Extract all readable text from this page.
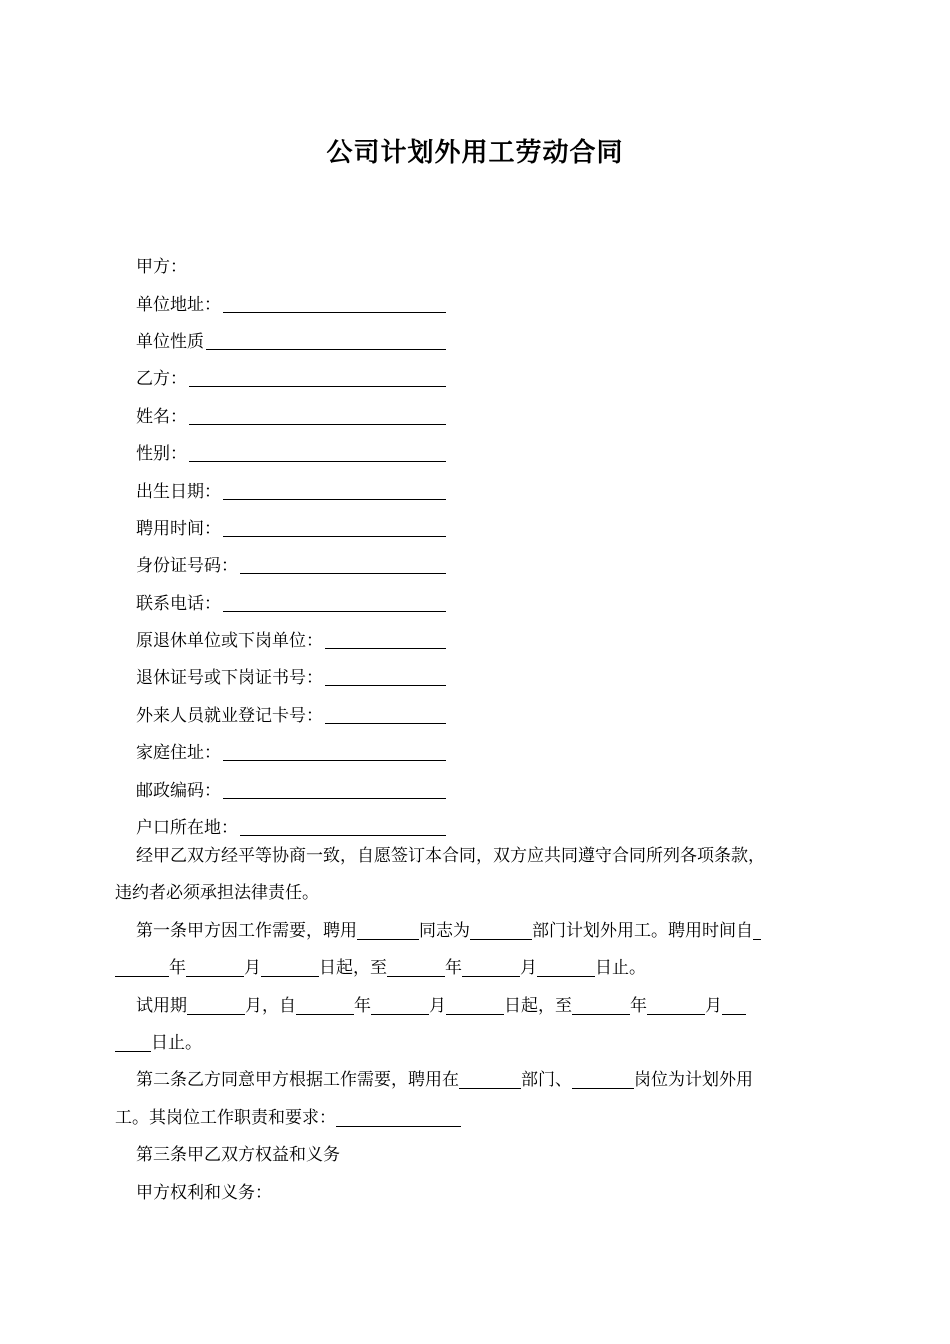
公司计划外用工劳动合同
甲方：
单位地址：
单位性质
乙方：
姓名：
性别：
出生日期：
聘用时间：
身份证号码：
联系电话：
原退休单位或下岗单位：
退休证号或下岗证书号：
外来人员就业登记卡号：
家庭住址：
邮政编码：
户口所在地：

经甲乙双方经平等协商一致，自愿签订本合同，双方应共同遵守合同所列各项条款，
违约者必须承担法律责任。

第一条甲方因工作需要，聘用	同志为	部门计划外用工。聘用时间自
年	月	日起，至	年	月	日止。

试用期	月，自	年	月	日起，至	年	月
日止。

第二条乙方同意甲方根据工作需要，聘用在	部门、	岗位为计划外用
工。其岗位工作职责和要求：

第三条甲乙双方权益和义务

甲方权利和义务：
